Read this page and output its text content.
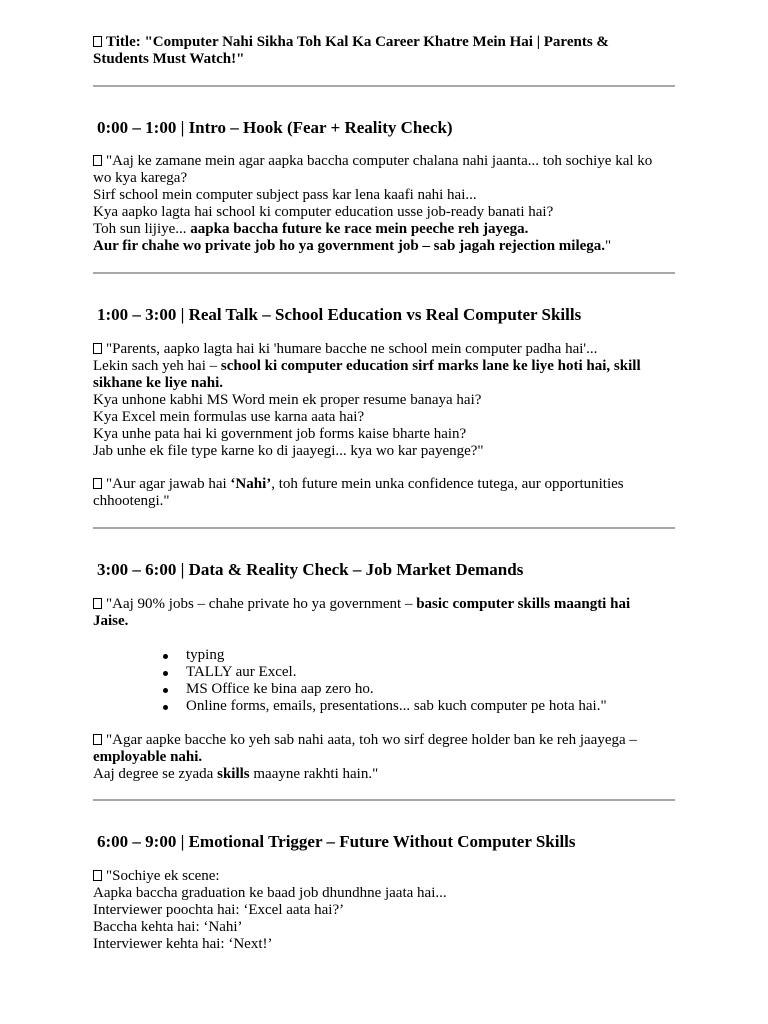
Title: "Computer Nahi Sikha Toh Kal Ka Career Khatre Mein Hai | Parents &
Students Must Watch!"
0:00 – 1:00 | Intro – Hook (Fear + Reality Check)
"Aaj ke zamane mein agar aapka baccha computer chalana nahi jaanta... toh sochiye kal ko
wo kya karega?
Sirf school mein computer subject pass kar lena kaafi nahi hai...
Kya aapko lagta hai school ki computer education usse job-ready banati hai?
Toh sun lijiye... aapka baccha future ke race mein peeche reh jayega.
Aur fir chahe wo private job ho ya government job – sab jagah rejection milega."
1:00 – 3:00 | Real Talk – School Education vs Real Computer Skills
"Parents, aapko lagta hai ki 'humare bacche ne school mein computer padha hai'...
Lekin sach yeh hai – school ki computer education sirf marks lane ke liye hoti hai, skill
sikhane ke liye nahi.
Kya unhone kabhi MS Word mein ek proper resume banaya hai?
Kya Excel mein formulas use karna aata hai?
Kya unhe pata hai ki government job forms kaise bharte hain?
Jab unhe ek file type karne ko di jaayegi... kya wo kar payenge?"
"Aur agar jawab hai ‘Nahi’, toh future mein unka confidence tutega, aur opportunities
chhootengi."
3:00 – 6:00 | Data & Reality Check – Job Market Demands
"Aaj 90% jobs – chahe private ho ya government – basic computer skills maangti hai
Jaise.
typing
TALLY aur Excel.
MS Office ke bina aap zero ho.
Online forms, emails, presentations... sab kuch computer pe hota hai."
"Agar aapke bacche ko yeh sab nahi aata, toh wo sirf degree holder ban ke reh jaayega –
employable nahi.
Aaj degree se zyada skills maayne rakhti hain."
6:00 – 9:00 | Emotional Trigger – Future Without Computer Skills
"Sochiye ek scene:
Aapka baccha graduation ke baad job dhundhne jaata hai...
Interviewer poochta hai: ‘Excel aata hai?’
Baccha kehta hai: ‘Nahi’
Interviewer kehta hai: ‘Next!’
